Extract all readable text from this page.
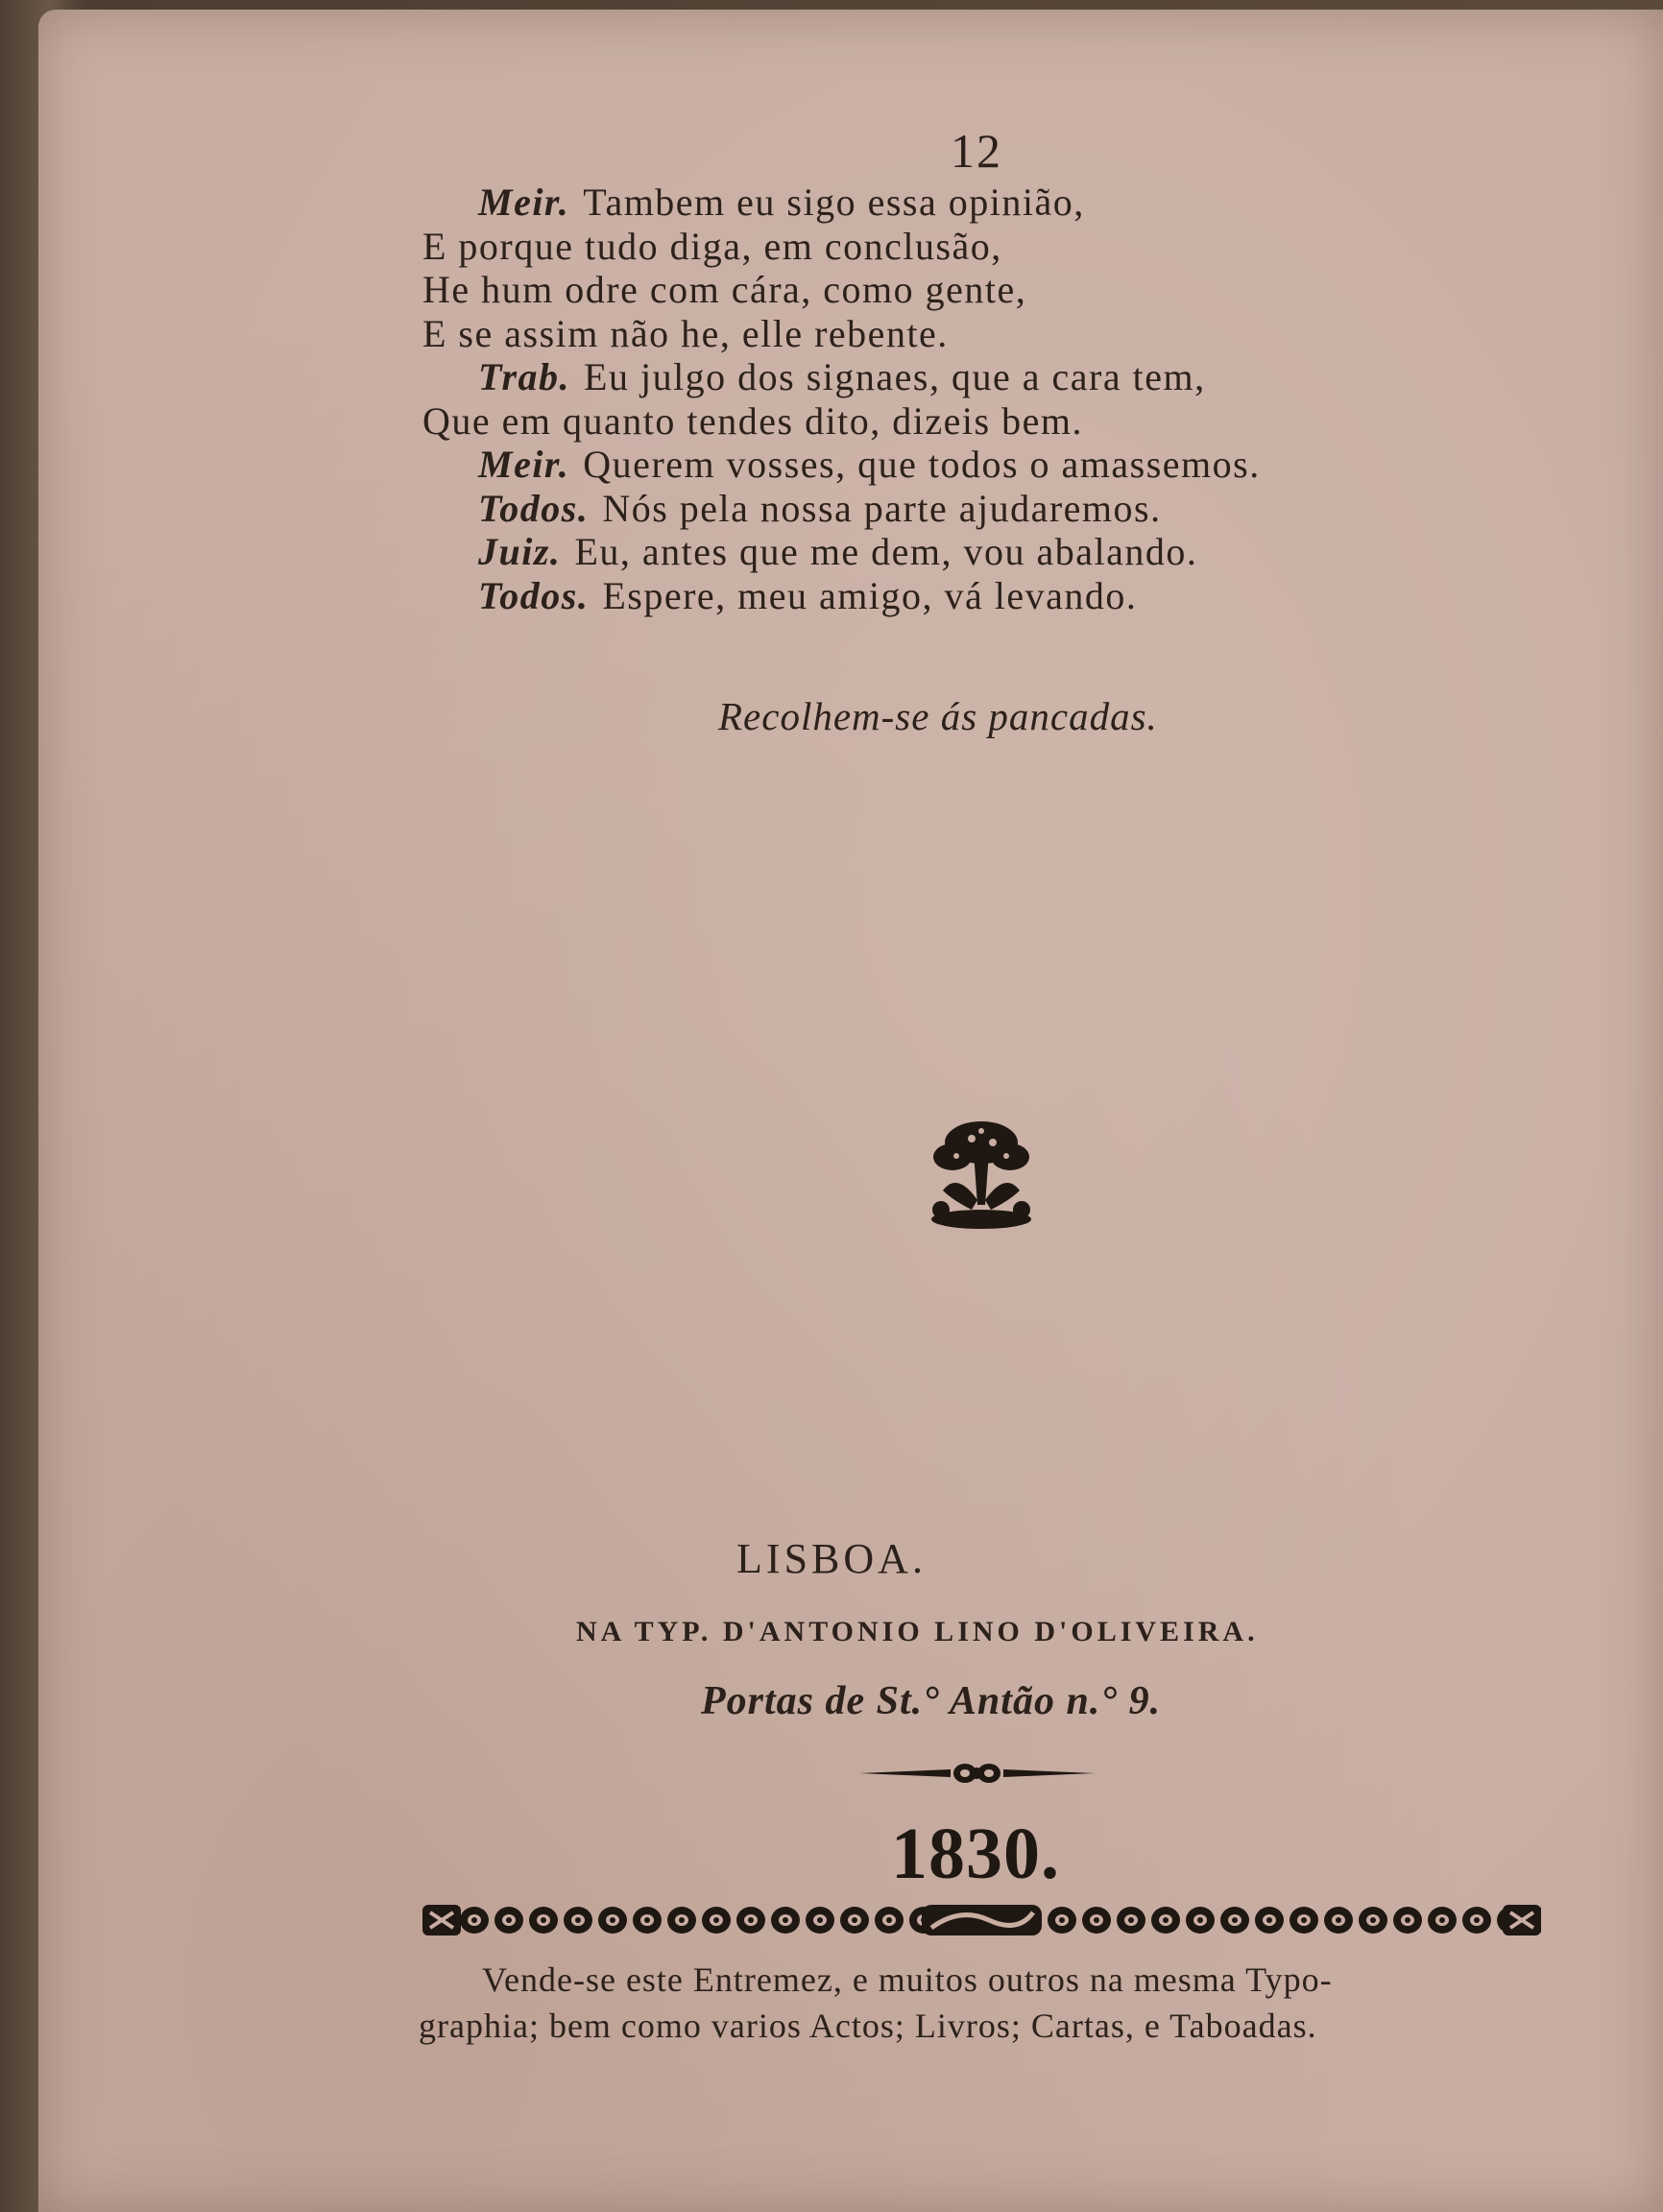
12
Meir. Tambem eu sigo essa opinião,
E porque tudo diga, em conclusão,
He hum odre com cára, como gente,
E se assim não he, elle rebente.
Trab. Eu julgo dos signaes, que a cara tem,
Que em quanto tendes dito, dizeis bem.
Meir. Querem vosses, que todos o amassemos.
Todos. Nós pela nossa parte ajudaremos.
Juiz. Eu, antes que me dem, vou abalando.
Todos. Espere, meu amigo, vá levando.
Recolhem-se ás pancadas.
LISBOA.
NA TYP. D'ANTONIO LINO D'OLIVEIRA.
Portas de St.° Antão n.° 9.
1830.
Vende-se este Entremez, e muitos outros na mesma Typo-
graphia; bem como varios Actos; Livros; Cartas, e Taboadas.
